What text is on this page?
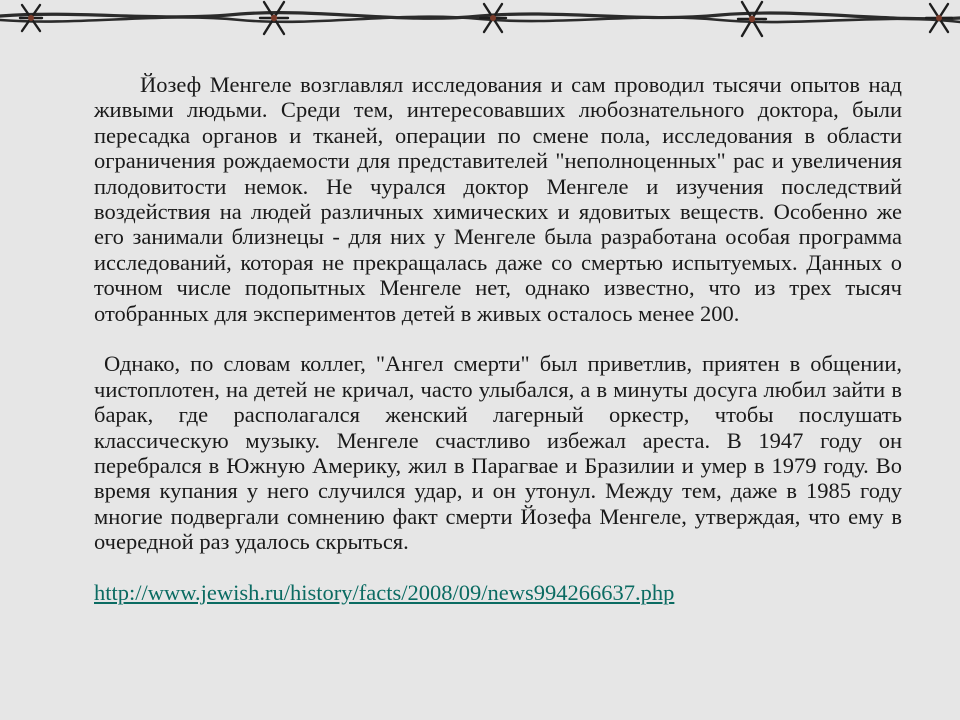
Йозеф Менгеле возглавлял исследования и сам проводил тысячи опытов над живыми людьми. Среди тем, интересовавших любознательного доктора, были пересадка органов и тканей, операции по смене пола, исследования в области ограничения рождаемости для представителей "неполноценных" рас и увеличения плодовитости немок. Не чурался доктор Менгеле и изучения последствий воздействия на людей различных химических и ядовитых веществ. Особенно же его занимали близнецы - для них у Менгеле была разработана особая программа исследований, которая не прекращалась даже со смертью испытуемых. Данных о точном числе подопытных Менгеле нет, однако известно, что из трех тысяч отобранных для экспериментов детей в живых осталось менее 200.

Однако, по словам коллег, "Ангел смерти" был приветлив, приятен в общении, чистоплотен, на детей не кричал, часто улыбался, а в минуты досуга любил зайти в барак, где располагался женский лагерный оркестр, чтобы послушать классическую музыку. Менгеле счастливо избежал ареста. В 1947 году он перебрался в Южную Америку, жил в Парагвае и Бразилии и умер в 1979 году. Во время купания у него случился удар, и он утонул. Между тем, даже в 1985 году многие подвергали сомнению факт смерти Йозефа Менгеле, утверждая, что ему в очередной раз удалось скрыться.

http://www.jewish.ru/history/facts/2008/09/news994266637.php
